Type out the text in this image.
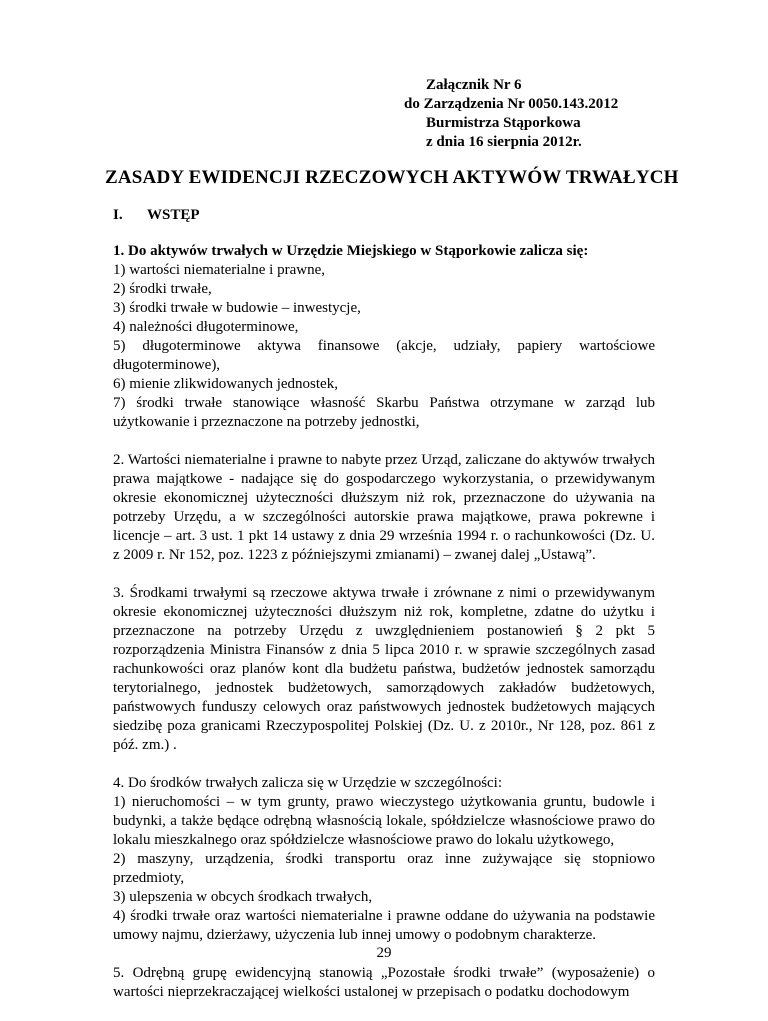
Załącznik Nr 6
do Zarządzenia Nr 0050.143.2012
Burmistrza Stąporkowa
z dnia 16 sierpnia 2012r.
ZASADY EWIDENCJI RZECZOWYCH AKTYWÓW TRWAŁYCH
I. WSTĘP
1. Do aktywów trwałych w Urzędzie Miejskiego w Stąporkowie zalicza się:
1) wartości niematerialne i prawne,
2) środki trwałe,
3) środki trwałe w budowie – inwestycje,
4) należności długoterminowe,
5) długoterminowe aktywa finansowe (akcje, udziały, papiery wartościowe długoterminowe),
6) mienie zlikwidowanych jednostek,
7) środki trwałe stanowiące własność Skarbu Państwa otrzymane w zarząd lub użytkowanie i przeznaczone na potrzeby jednostki,
2. Wartości niematerialne i prawne to nabyte przez Urząd, zaliczane do aktywów trwałych prawa majątkowe - nadające się do gospodarczego wykorzystania, o przewidywanym okresie ekonomicznej użyteczności dłuższym niż rok, przeznaczone do używania na potrzeby Urzędu, a w szczególności autorskie prawa majątkowe, prawa pokrewne i licencje – art. 3 ust. 1 pkt 14 ustawy z dnia 29 września 1994 r. o rachunkowości (Dz. U. z 2009 r. Nr 152, poz. 1223 z późniejszymi zmianami) – zwanej dalej „Ustawą”.
3. Środkami trwałymi są rzeczowe aktywa trwałe i zrównane z nimi o przewidywanym okresie ekonomicznej użyteczności dłuższym niż rok, kompletne, zdatne do użytku i przeznaczone na potrzeby Urzędu z uwzględnieniem postanowień § 2 pkt 5 rozporządzenia Ministra Finansów z dnia 5 lipca 2010 r. w sprawie szczególnych zasad rachunkowości oraz planów kont dla budżetu państwa, budżetów jednostek samorządu terytorialnego, jednostek budżetowych, samorządowych zakładów budżetowych, państwowych funduszy celowych oraz państwowych jednostek budżetowych mających siedzibę poza granicami Rzeczypospolitej Polskiej (Dz. U. z 2010r., Nr 128, poz. 861 z póź. zm.) .
4. Do środków trwałych zalicza się w Urzędzie w szczególności:
1) nieruchomości – w tym grunty, prawo wieczystego użytkowania gruntu, budowle i budynki, a także będące odrębną własnością lokale, spółdzielcze własnościowe prawo do lokalu mieszkalnego oraz spółdzielcze własnościowe prawo do lokalu użytkowego,
2) maszyny, urządzenia, środki transportu oraz inne zużywające się stopniowo przedmioty,
3) ulepszenia w obcych środkach trwałych,
4) środki trwałe oraz wartości niematerialne i prawne oddane do używania na podstawie umowy najmu, dzierżawy, użyczenia lub innej umowy o podobnym charakterze.
5. Odrębną grupę ewidencyjną stanowią „Pozostałe środki trwałe” (wyposażenie) o wartości nieprzekraczającej wielkości ustalonej w przepisach o podatku dochodowym
29
